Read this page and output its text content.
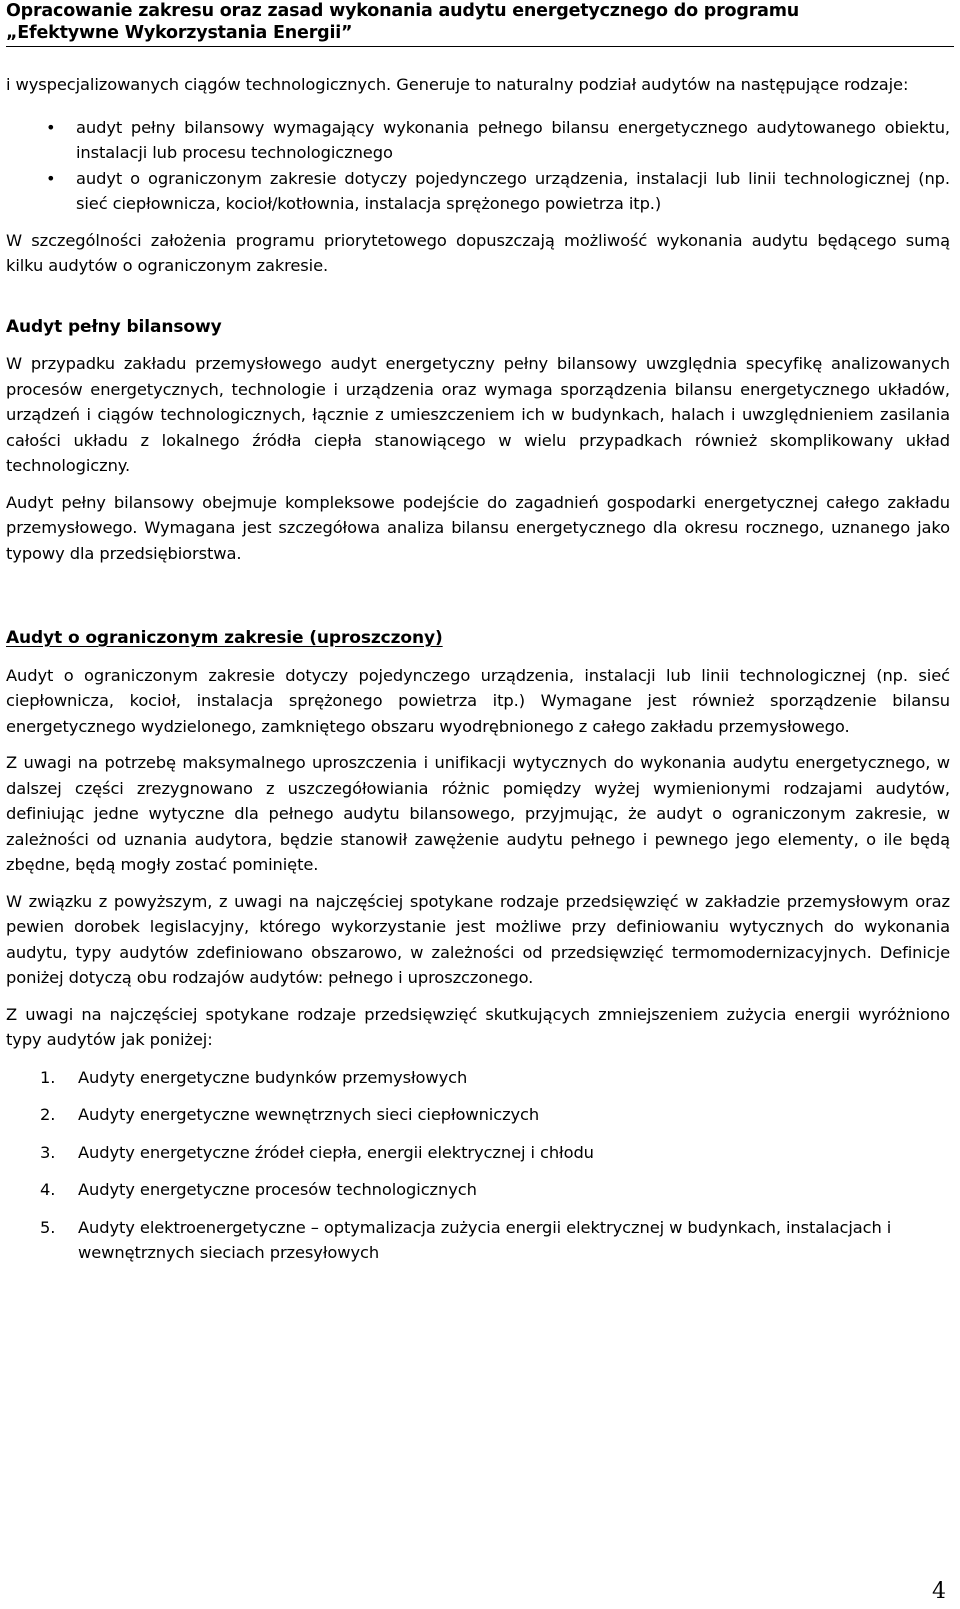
Opracowanie zakresu oraz zasad wykonania audytu energetycznego do programu
„Efektywne Wykorzystania Energii”

i wyspecjalizowanych ciągów technologicznych. Generuje to naturalny podział audytów na następujące rodzaje:

•	audyt pełny bilansowy wymagający wykonania pełnego bilansu energetycznego audytowanego obiektu, instalacji lub procesu technologicznego
•	audyt o ograniczonym zakresie dotyczy pojedynczego urządzenia, instalacji lub linii technologicznej (np. sieć ciepłownicza, kocioł/kotłownia, instalacja sprężonego powietrza itp.)

W szczególności założenia programu priorytetowego dopuszczają możliwość wykonania audytu będącego sumą kilku audytów o ograniczonym zakresie.

Audyt pełny bilansowy

W przypadku zakładu przemysłowego audyt energetyczny pełny bilansowy uwzględnia specyfikę analizowanych procesów energetycznych, technologie i urządzenia oraz wymaga sporządzenia bilansu energetycznego układów, urządzeń i ciągów technologicznych, łącznie z umieszczeniem ich w budynkach, halach i uwzględnieniem zasilania całości układu z lokalnego źródła ciepła stanowiącego w wielu przypadkach również skomplikowany układ technologiczny.

Audyt pełny bilansowy obejmuje kompleksowe podejście do zagadnień gospodarki energetycznej całego zakładu przemysłowego. Wymagana jest szczegółowa analiza bilansu energetycznego dla okresu rocznego, uznanego jako typowy dla przedsiębiorstwa.

Audyt o ograniczonym zakresie (uproszczony)

Audyt o ograniczonym zakresie dotyczy pojedynczego urządzenia, instalacji lub linii technologicznej (np. sieć ciepłownicza, kocioł, instalacja sprężonego powietrza itp.) Wymagane jest również sporządzenie bilansu energetycznego wydzielonego, zamkniętego obszaru wyodrębnionego z całego zakładu przemysłowego.

Z uwagi na potrzebę maksymalnego uproszczenia i unifikacji wytycznych do wykonania audytu energetycznego, w dalszej części zrezygnowano z uszczegółowiania różnic pomiędzy wyżej wymienionymi rodzajami audytów, definiując jedne wytyczne dla pełnego audytu bilansowego, przyjmując, że audyt o ograniczonym zakresie, w zależności od uznania audytora, będzie stanowił zawężenie audytu pełnego i pewnego jego elementy, o ile będą zbędne, będą mogły zostać pominięte.

W związku z powyższym, z uwagi na najczęściej spotykane rodzaje przedsięwzięć w zakładzie przemysłowym oraz pewien dorobek legislacyjny, którego wykorzystanie jest możliwe przy definiowaniu wytycznych do wykonania audytu, typy audytów zdefiniowano obszarowo, w zależności od przedsięwzięć termomodernizacyjnych. Definicje poniżej dotyczą obu rodzajów audytów: pełnego i uproszczonego.

Z uwagi na najczęściej spotykane rodzaje przedsięwzięć skutkujących zmniejszeniem zużycia energii wyróżniono typy audytów jak poniżej:

1. Audyty energetyczne budynków przemysłowych
2. Audyty energetyczne wewnętrznych sieci ciepłowniczych
3. Audyty energetyczne źródeł ciepła, energii elektrycznej i chłodu
4. Audyty energetyczne procesów technologicznych
5. Audyty elektroenergetyczne – optymalizacja zużycia energii elektrycznej w budynkach, instalacjach i wewnętrznych sieciach przesyłowych
4
